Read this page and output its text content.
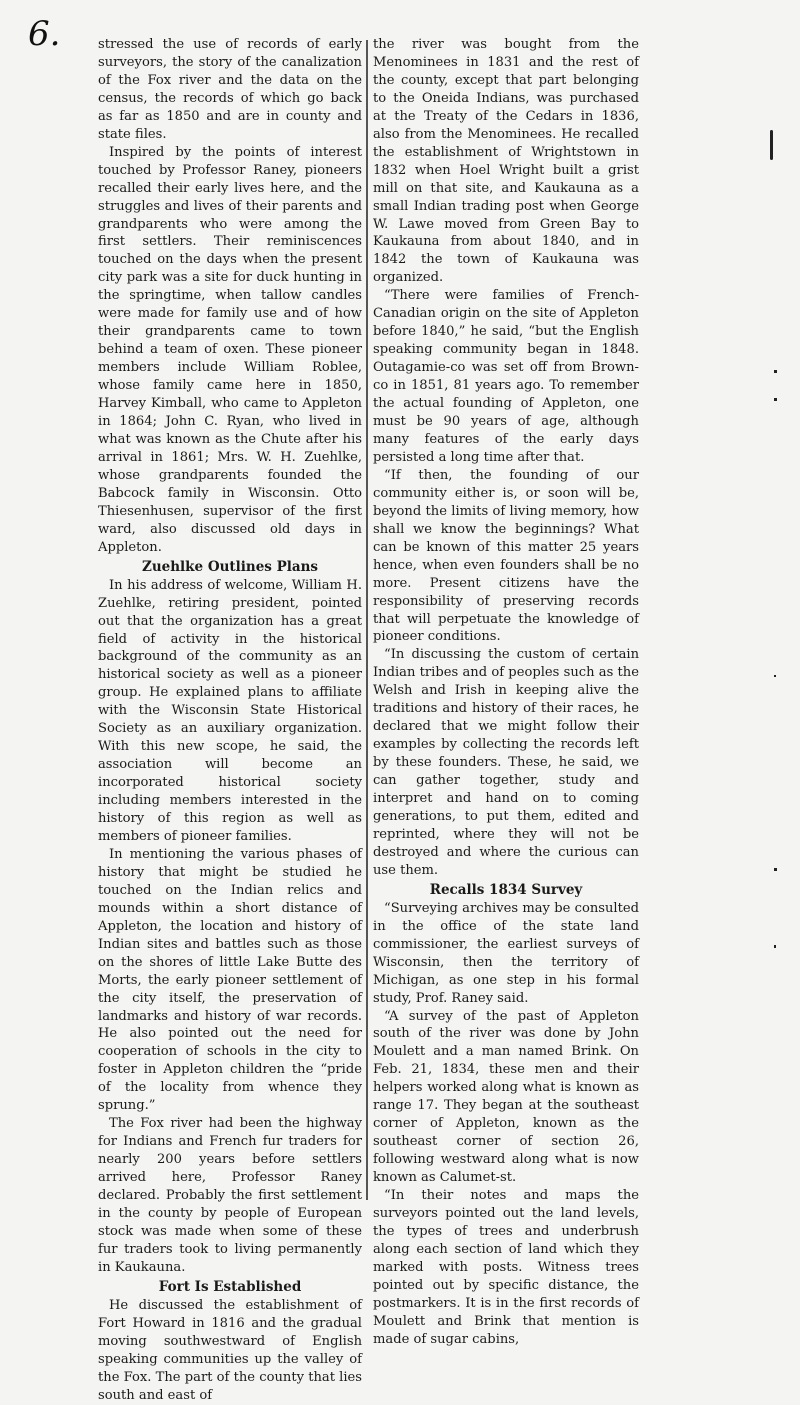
6.	stressed the use of records of early surveyors, the story of the canalization of the Fox river and the data on the census, the records of which go back as far as 1850 and are in county and state files.

Inspired by the points of interest touched by Professor Raney, pioneers recalled their early lives here, and the struggles and lives of their parents and grandparents who were among the first settlers. Their reminiscences touched on the days when the present city park was a site for duck hunting in the springtime, when tallow candles were made for family use and of how their grandparents came to town behind a team of oxen. These pioneer members include William Roblee, whose family came here in 1850, Harvey Kimball, who came to Appleton in 1864; John C. Ryan, who lived in what was known as the Chute after his arrival in 1861; Mrs. W. H. Zuehlke, whose grandparents founded the Babcock family in Wisconsin. Otto Thiesenhusen, supervisor of the first ward, also discussed old days in Appleton.

Zuehlke Outlines Plans

In his address of welcome, William H. Zuehlke, retiring president, pointed out that the organization has a great field of activity in the historical background of the community as an historical society as well as a pioneer group. He explained plans to affiliate with the Wisconsin State Historical Society as an auxiliary organization. With this new scope, he said, the association will become an incorporated historical society including members interested in the history of this region as well as members of pioneer families.

In mentioning the various phases of history that might be studied he touched on the Indian relics and mounds within a short distance of Appleton, the location and history of Indian sites and battles such as those on the shores of little Lake Butte des Morts, the early pioneer settlement of the city itself, the preservation of landmarks and history of war records. He also pointed out the need for cooperation of schools in the city to foster in Appleton children the “pride of the locality from whence they sprung.”

The Fox river had been the highway for Indians and French fur traders for nearly 200 years before settlers arrived here, Professor Raney declared. Probably the first settlement in the county by people of European stock was made when some of these fur traders took to living permanently in Kaukauna.

Fort Is Established

He discussed the establishment of Fort Howard in 1816 and the gradual moving southwestward of English speaking communities up the valley of the Fox. The part of the county that lies south and east of

the river was bought from the Menominees in 1831 and the rest of the county, except that part belonging to the Oneida Indians, was purchased at the Treaty of the Cedars in 1836, also from the Menominees. He recalled the establishment of Wrightstown in 1832 when Hoel Wright built a grist mill on that site, and Kaukauna as a small Indian trading post when George W. Lawe moved from Green Bay to Kaukauna from about 1840, and in 1842 the town of Kaukauna was organized.

“There were families of French-Canadian origin on the site of Appleton before 1840,” he said, “but the English speaking community began in 1848. Outagamie-co was set off from Brown-co in 1851, 81 years ago. To remember the actual founding of Appleton, one must be 90 years of age, although many features of the early days persisted a long time after that.

“If then, the founding of our community either is, or soon will be, beyond the limits of living memory, how shall we know the beginnings? What can be known of this matter 25 years hence, when even founders shall be no more. Present citizens have the responsibility of preserving records that will perpetuate the knowledge of pioneer conditions.

“In discussing the custom of certain Indian tribes and of peoples such as the Welsh and Irish in keeping alive the traditions and history of their races, he declared that we might follow their examples by collecting the records left by these founders. These, he said, we can gather together, study and interpret and hand on to coming generations, to put them, edited and reprinted, where they will not be destroyed and where the curious can use them.

Recalls 1834 Survey

“Surveying archives may be consulted in the office of the state land commissioner, the earliest surveys of Wisconsin, then the territory of Michigan, as one step in his formal study, Prof. Raney said.

“A survey of the past of Appleton south of the river was done by John Moulett and a man named Brink. On Feb. 21, 1834, these men and their helpers worked along what is known as range 17. They began at the southeast corner of Appleton, known as the southeast corner of section 26, following westward along what is now known as Calumet-st.

“In their notes and maps the surveyors pointed out the land levels, the types of trees and underbrush along each section of land which they marked with posts. Witness trees pointed out by specific distance, the postmarkers. It is in the first records of Moulett and Brink that mention is made of sugar cabins,
